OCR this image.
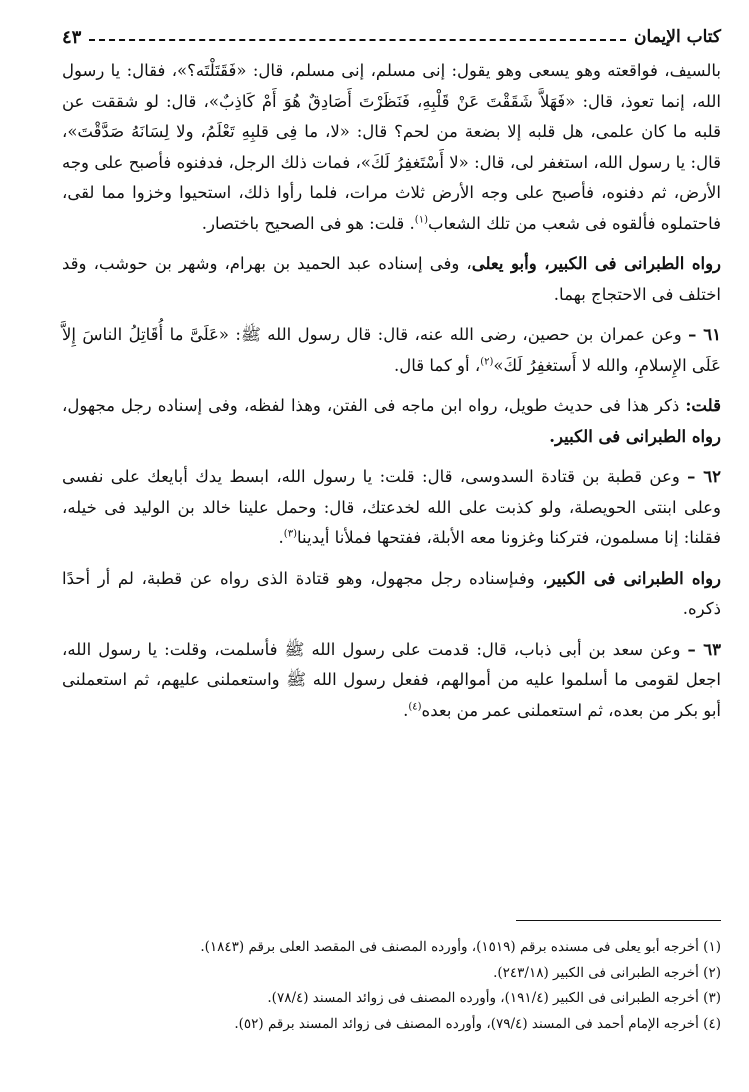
كتاب الإيمان
٤٣

بالسيف، فواقعته وهو يسعى وهو يقول: إنى مسلم، إنى مسلم، قال: «فَقَتَلْتَه؟»، فقال: يا رسول الله، إنما تعوذ، قال: «فَهَلاَّ شَقَقْتَ عَنْ قَلْبِهِ، فَنَظَرْتَ أَصَادِقٌ هُوَ أَمْ كَاذِبٌ»، قال: لو شققت عن قلبه ما كان علمى، هل قلبه إلا بضعة من لحم؟ قال: «لا، ما فِى قلبِهِ تَعْلَمُ، ولا لِسَانَهُ صَدَّقْتَ»، قال: يا رسول الله، استغفر لى، قال: «لا أَسْتَغفِرُ لَكَ»، فمات ذلك الرجل، فدفنوه فأصبح على وجه الأرض، ثم دفنوه، فأصبح على وجه الأرض ثلاث مرات، فلما رأوا ذلك، استحيوا وخزوا مما لقى، فاحتملوه فألقوه فى شعب من تلك الشعاب$^{(١)}$. قلت: هو فى الصحيح باختصار.

رواه الطبرانى فى الكبير، وأبو يعلى، وفى إسناده عبد الحميد بن بهرام، وشهر بن حوشب، وقد اختلف فى الاحتجاج بهما.

٦١ – وعن عمران بن حصين، رضى الله عنه، قال: قال رسول الله ﷺ: «عَلَىَّ ما أُقَاتِلُ الناسَ إِلاَّ عَلَى الإِسلامِ، والله لا أَستغفِرُ لَكَ»$^{(٢)}$، أو كما قال.

قلت: ذكر هذا فى حديث طويل، رواه ابن ماجه فى الفتن، وهذا لفظه، وفى إسناده رجل مجهول، رواه الطبرانى فى الكبير.

٦٢ – وعن قطبة بن قتادة السدوسى، قال: قلت: يا رسول الله، ابسط يدك أبايعك على نفسى وعلى ابنتى الحويصلة، ولو كذبت على الله لخدعتك، قال: وحمل علينا خالد بن الوليد فى خيله، فقلنا: إنا مسلمون، فتركنا وغزونا معه الأبلة، ففتحها فملأنا أيدينا$^{(٣)}$.

رواه الطبرانى فى الكبير، وفىإسناده رجل مجهول، وهو قتادة الذى رواه عن قطبة، لم أر أحدًا ذكره.

٦٣ – وعن سعد بن أبى ذباب، قال: قدمت على رسول الله ﷺ فأسلمت، وقلت: يا رسول الله، اجعل لقومى ما أسلموا عليه من أموالهم، ففعل رسول الله ﷺ واستعملنى عليهم، ثم استعملنى أبو بكر من بعده، ثم استعملنى عمر من بعده$^{(٤)}$.

(١) أخرجه أبو يعلى فى مسنده برقم (١٥١٩)، وأورده المصنف فى المقصد العلى برقم (١٨٤٣).

(٢) أخرجه الطبرانى فى الكبير (٢٤٣/١٨).

(٣) أخرجه الطبرانى فى الكبير (١٩١/٤)، وأورده المصنف فى زوائد المسند (٧٨/٤).

(٤) أخرجه الإمام أحمد فى المسند (٧٩/٤)، وأورده المصنف فى زوائد المسند برقم (٥٢).
